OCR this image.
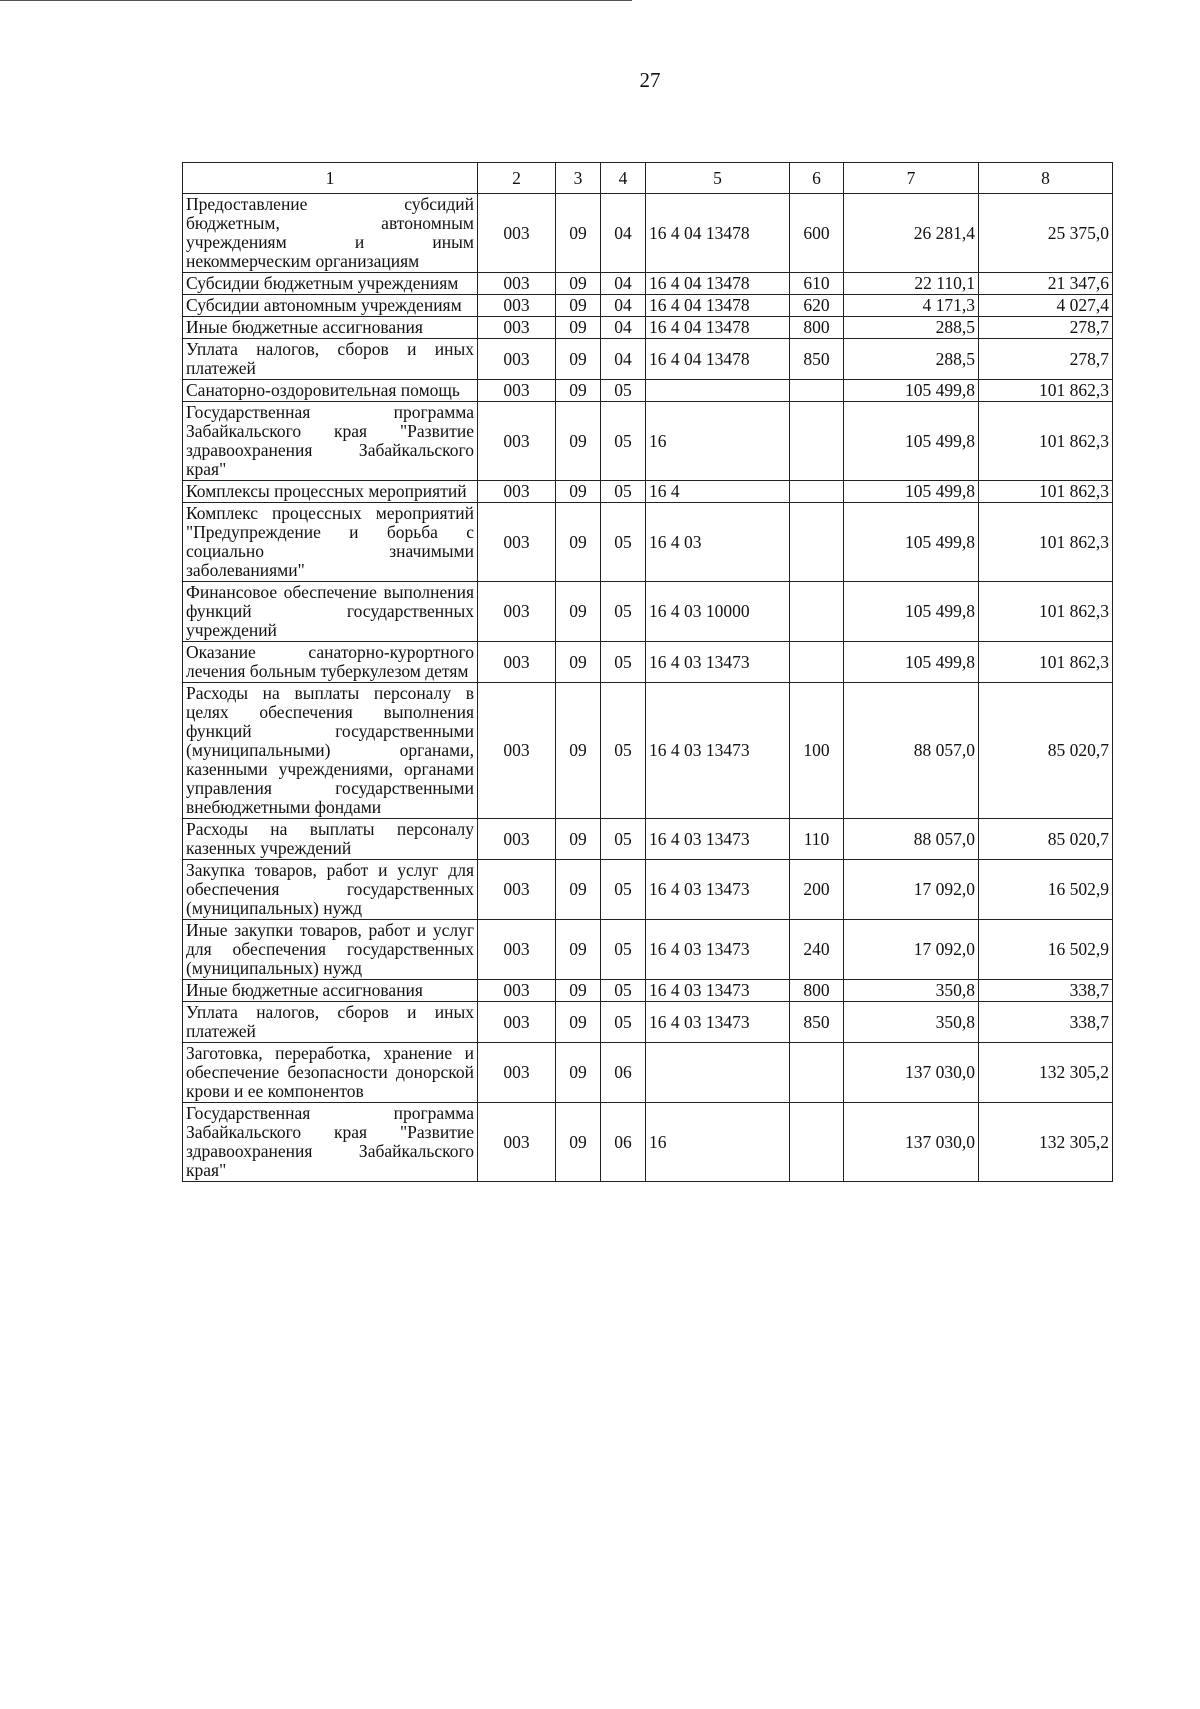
27
1	2	3	4	5	6	7	8
Предоставление субсидий бюджетным, автономным учреждениям и иным некоммерческим организациям	003	09	04	16 4 04 13478	600	26 281,4	25 375,0
Субсидии бюджетным учреждениям	003	09	04	16 4 04 13478	610	22 110,1	21 347,6
Субсидии автономным учреждениям	003	09	04	16 4 04 13478	620	4 171,3	4 027,4
Иные бюджетные ассигнования	003	09	04	16 4 04 13478	800	288,5	278,7
Уплата налогов, сборов и иных платежей	003	09	04	16 4 04 13478	850	288,5	278,7
Санаторно-оздоровительная помощь	003	09	05			105 499,8	101 862,3
Государственная программа Забайкальского края "Развитие здравоохранения Забайкальского края"	003	09	05	16		105 499,8	101 862,3
Комплексы процессных мероприятий	003	09	05	16 4		105 499,8	101 862,3
Комплекс процессных мероприятий "Предупреждение и борьба с социально значимыми заболеваниями"	003	09	05	16 4 03		105 499,8	101 862,3
Финансовое обеспечение выполнения функций государственных учреждений	003	09	05	16 4 03 10000		105 499,8	101 862,3
Оказание санаторно-курортного лечения больным туберкулезом детям	003	09	05	16 4 03 13473		105 499,8	101 862,3
Расходы на выплаты персоналу в целях обеспечения выполнения функций государственными (муниципальными) органами, казенными учреждениями, органами управления государственными внебюджетными фондами	003	09	05	16 4 03 13473	100	88 057,0	85 020,7
Расходы на выплаты персоналу казенных учреждений	003	09	05	16 4 03 13473	110	88 057,0	85 020,7
Закупка товаров, работ и услуг для обеспечения государственных (муниципальных) нужд	003	09	05	16 4 03 13473	200	17 092,0	16 502,9
Иные закупки товаров, работ и услуг для обеспечения государственных (муниципальных) нужд	003	09	05	16 4 03 13473	240	17 092,0	16 502,9
Иные бюджетные ассигнования	003	09	05	16 4 03 13473	800	350,8	338,7
Уплата налогов, сборов и иных платежей	003	09	05	16 4 03 13473	850	350,8	338,7
Заготовка, переработка, хранение и обеспечение безопасности донорской крови и ее компонентов	003	09	06			137 030,0	132 305,2
Государственная программа Забайкальского края "Развитие здравоохранения Забайкальского края"	003	09	06	16		137 030,0	132 305,2
